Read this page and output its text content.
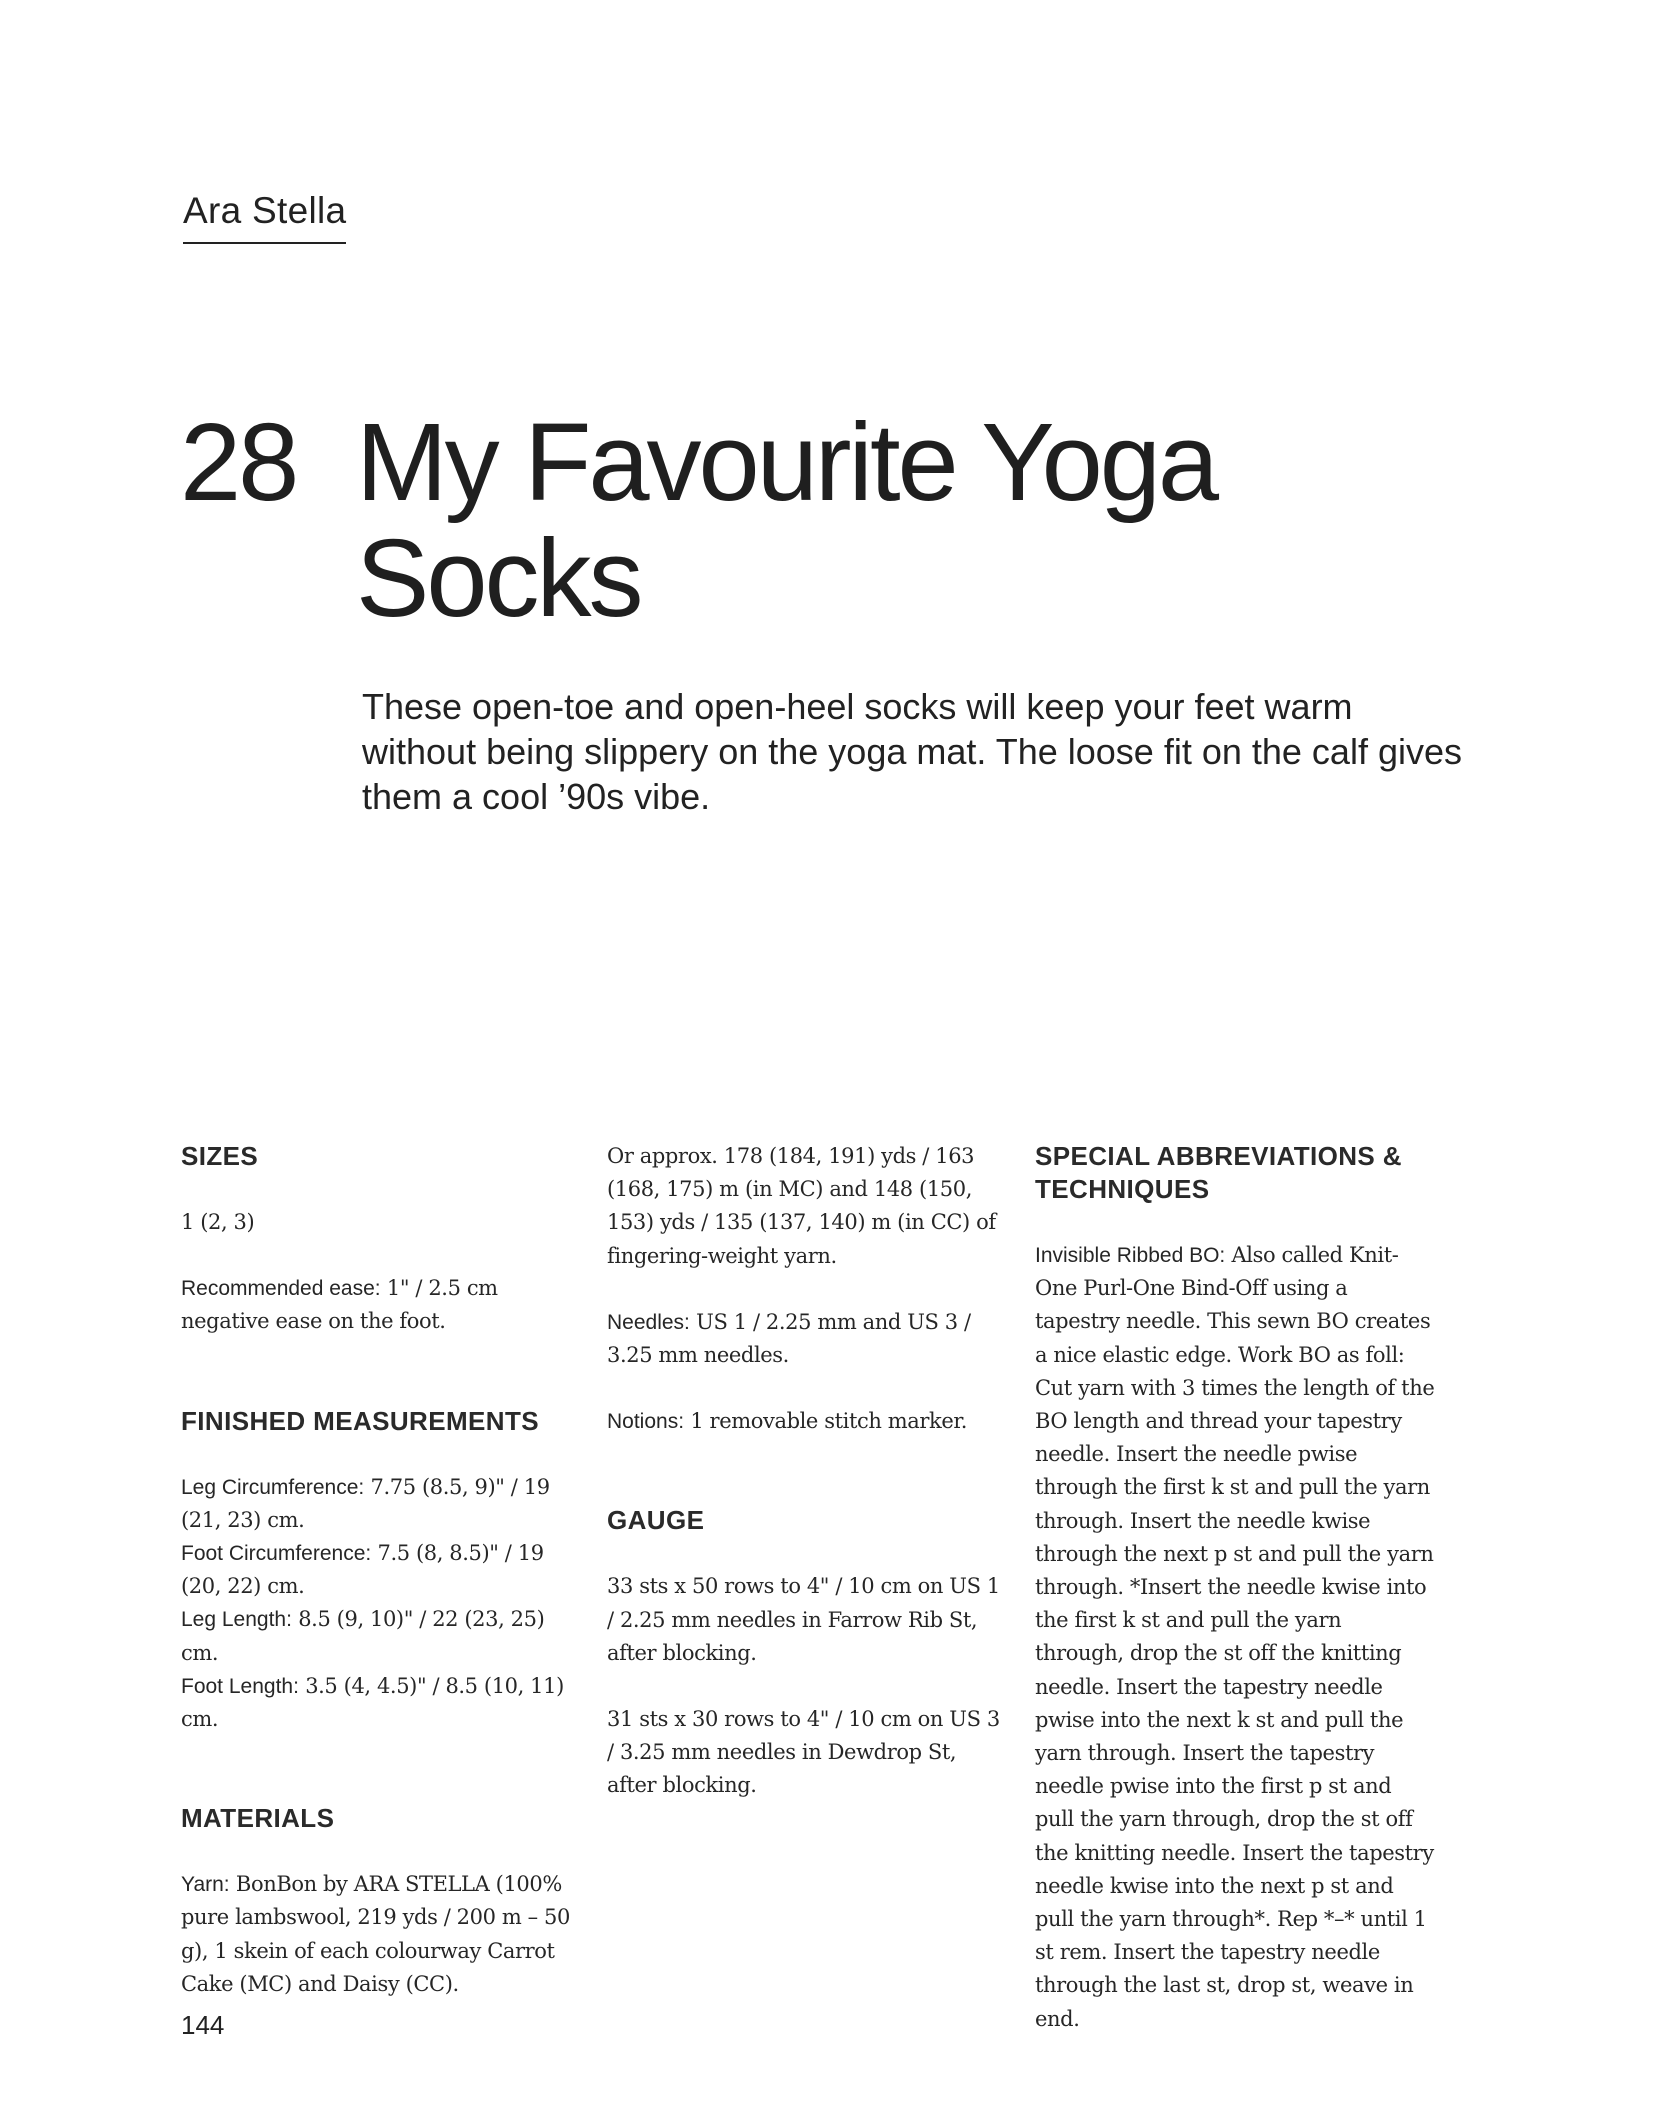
Ara Stella
28 My Favourite Yoga
Socks
These open-toe and open-heel socks will keep your feet warm without being slippery on the yoga mat. The loose fit on the calf gives them a cool ’90s vibe.
SIZES

1 (2, 3)

Recommended ease: 1" / 2.5 cm negative ease on the foot.

FINISHED MEASUREMENTS

Leg Circumference: 7.75 (8.5, 9)" / 19 (21, 23) cm.

Foot Circumference: 7.5 (8, 8.5)" / 19 (20, 22) cm.

Leg Length: 8.5 (9, 10)" / 22 (23, 25) cm.

Foot Length: 3.5 (4, 4.5)" / 8.5 (10, 11) cm.

MATERIALS

Yarn: BonBon by ARA STELLA (100% pure lambswool, 219 yds / 200 m – 50 g), 1 skein of each colourway Carrot Cake (MC) and Daisy (CC).

Or approx. 178 (184, 191) yds / 163 (168, 175) m (in MC) and 148 (150, 153) yds / 135 (137, 140) m (in CC) of fingering-weight yarn.

Needles: US 1 / 2.25 mm and US 3 / 3.25 mm needles.

Notions: 1 removable stitch marker.

GAUGE

33 sts x 50 rows to 4" / 10 cm on US 1 / 2.25 mm needles in Farrow Rib St, after blocking.

31 sts x 30 rows to 4" / 10 cm on US 3 / 3.25 mm needles in Dewdrop St, after blocking.

SPECIAL ABBREVIATIONS & TECHNIQUES

Invisible Ribbed BO: Also called Knit-One Purl-One Bind-Off using a tapestry needle. This sewn BO creates a nice elastic edge. Work BO as foll: Cut yarn with 3 times the length of the BO length and thread your tapestry needle. Insert the needle pwise through the first k st and pull the yarn through. Insert the needle kwise through the next p st and pull the yarn through. *Insert the needle kwise into the first k st and pull the yarn through, drop the st off the knitting needle. Insert the tapestry needle pwise into the next k st and pull the yarn through. Insert the tapestry needle pwise into the first p st and pull the yarn through, drop the st off the knitting needle. Insert the tapestry needle kwise into the next p st and pull the yarn through*. Rep *–* until 1 st rem. Insert the tapestry needle through the last st, drop st, weave in end.

144
